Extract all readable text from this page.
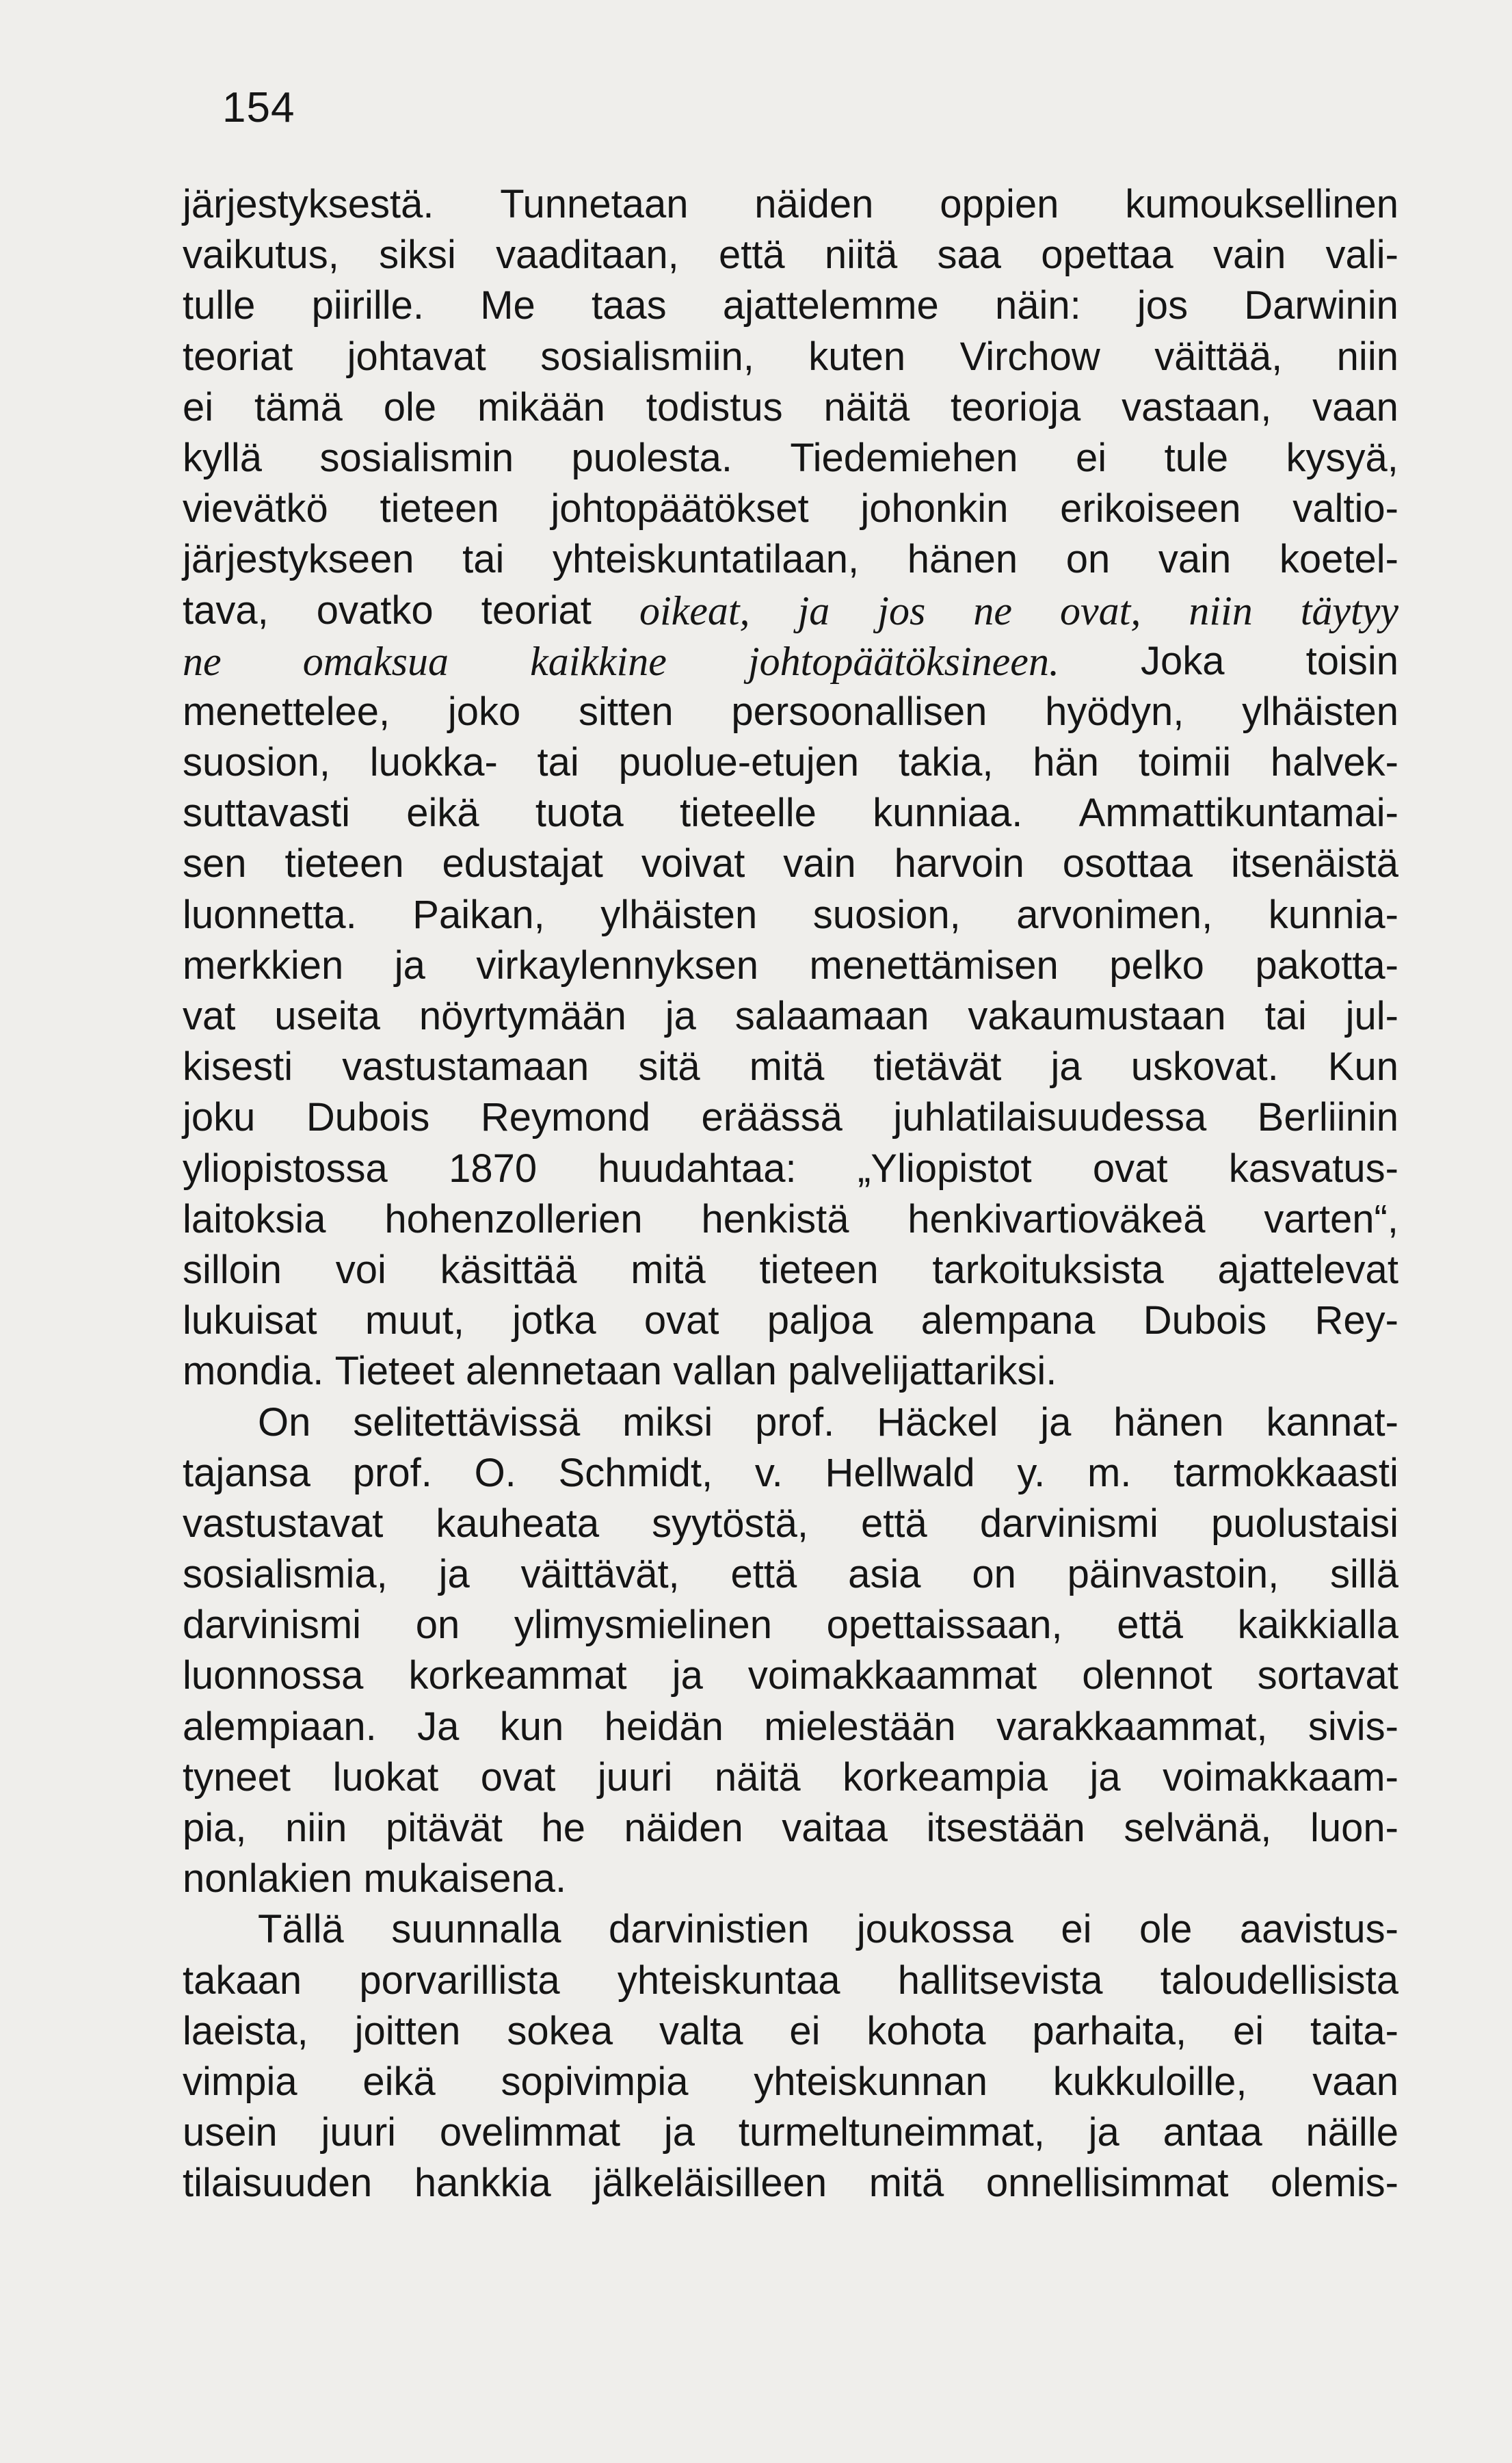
154
järjestyksestä. Tunnetaan näiden oppien kumouksellinen
vaikutus, siksi vaaditaan, että niitä saa opettaa vain vali-
tulle piirille. Me taas ajattelemme näin: jos Darwinin
teoriat johtavat sosialismiin, kuten Virchow väittää, niin
ei tämä ole mikään todistus näitä teorioja vastaan, vaan
kyllä sosialismin puolesta. Tiedemiehen ei tule kysyä,
vievätkö tieteen johtopäätökset johonkin erikoiseen valtio-
järjestykseen tai yhteiskuntatilaan, hänen on vain koetel-
tava, ovatko teoriat oikeat, ja jos ne ovat, niin täytyy
ne omaksua kaikkine johtopäätöksineen. Joka toisin
menettelee, joko sitten persoonallisen hyödyn, ylhäisten
suosion, luokka- tai puolue-etujen takia, hän toimii halvek-
suttavasti eikä tuota tieteelle kunniaa. Ammattikuntamai-
sen tieteen edustajat voivat vain harvoin osottaa itsenäistä
luonnetta. Paikan, ylhäisten suosion, arvonimen, kunnia-
merkkien ja virkaylennyksen menettämisen pelko pakotta-
vat useita nöyrtymään ja salaamaan vakaumustaan tai jul-
kisesti vastustamaan sitä mitä tietävät ja uskovat. Kun
joku Dubois Reymond eräässä juhlatilaisuudessa Berliinin
yliopistossa 1870 huudahtaa: „Yliopistot ovat kasvatus-
laitoksia hohenzollerien henkistä henkivartioväkeä varten“,
silloin voi käsittää mitä tieteen tarkoituksista ajattelevat
lukuisat muut, jotka ovat paljoa alempana Dubois Rey-
mondia. Tieteet alennetaan vallan palvelijattariksi.
On selitettävissä miksi prof. Häckel ja hänen kannat-
tajansa prof. O. Schmidt, v. Hellwald y. m. tarmokkaasti
vastustavat kauheata syytöstä, että darvinismi puolustaisi
sosialismia, ja väittävät, että asia on päinvastoin, sillä
darvinismi on ylimysmielinen opettaissaan, että kaikkialla
luonnossa korkeammat ja voimakkaammat olennot sortavat
alempiaan. Ja kun heidän mielestään varakkaammat, sivis-
tyneet luokat ovat juuri näitä korkeampia ja voimakkaam-
pia, niin pitävät he näiden vaitaa itsestään selvänä, luon-
nonlakien mukaisena.
Tällä suunnalla darvinistien joukossa ei ole aavistus-
takaan porvarillista yhteiskuntaa hallitsevista taloudellisista
laeista, joitten sokea valta ei kohota parhaita, ei taita-
vimpia eikä sopivimpia yhteiskunnan kukkuloille, vaan
usein juuri ovelimmat ja turmeltuneimmat, ja antaa näille
tilaisuuden hankkia jälkeläisilleen mitä onnellisimmat olemis-
